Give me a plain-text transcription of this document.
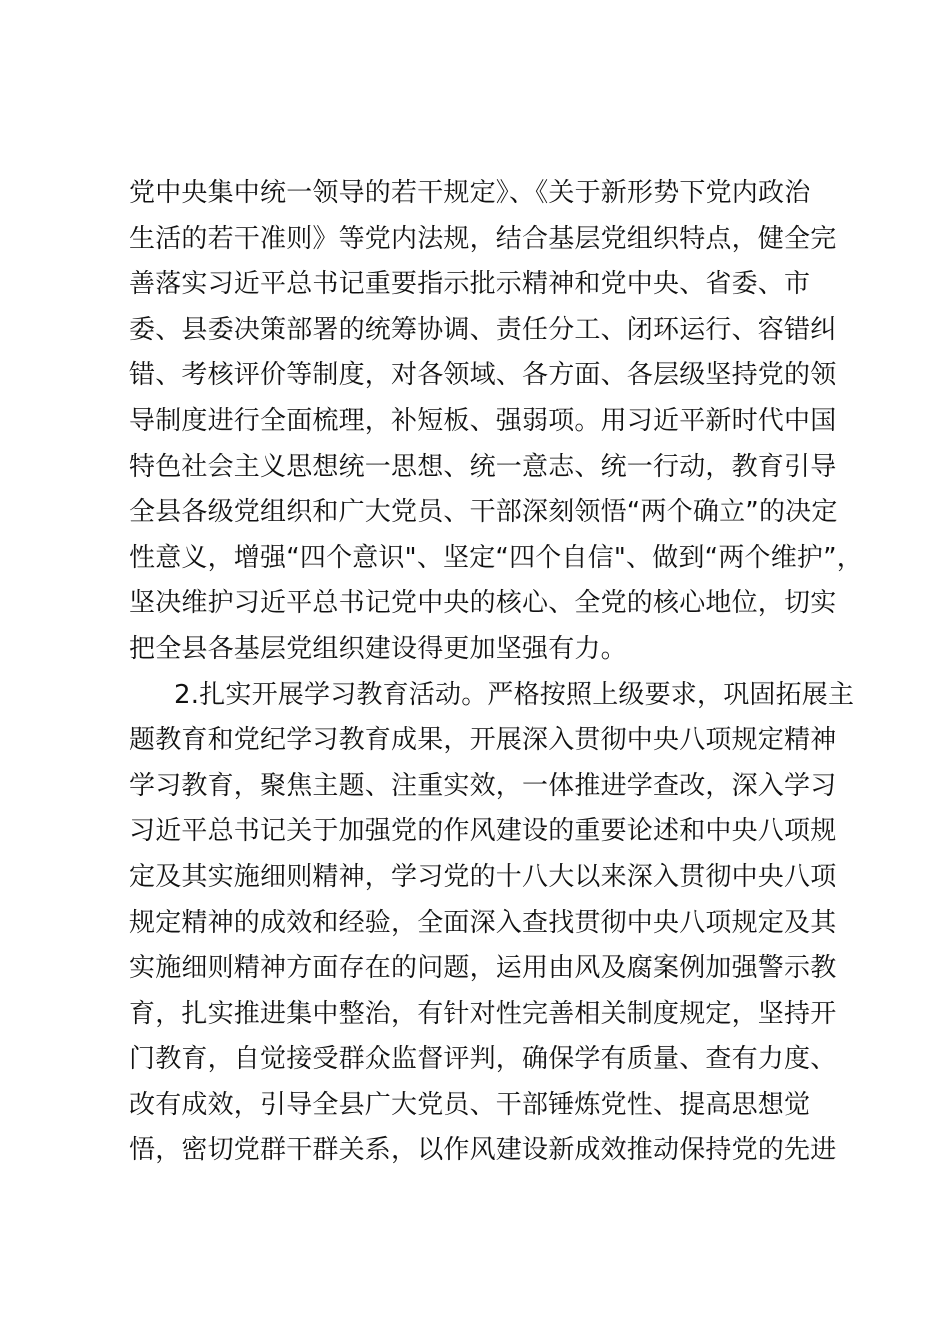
党中央集中统一领导的若干规定》、《关于新形势下党内政治
生活的若干准则》等党内法规，结合基层党组织特点，健全完
善落实习近平总书记重要指示批示精神和党中央、省委、市
委、县委决策部署的统筹协调、责任分工、闭环运行、容错纠
错、考核评价等制度，对各领域、各方面、各层级坚持党的领
导制度进行全面梳理，补短板、强弱项。用习近平新时代中国
特色社会主义思想统一思想、统一意志、统一行动，教育引导
全县各级党组织和广大党员、干部深刻领悟“两个确立”的决定
性意义，增强“四个意识"、坚定“四个自信"、做到“两个维护”，
坚决维护习近平总书记党中央的核心、全党的核心地位，切实
把全县各基层党组织建设得更加坚强有力。
2.扎实开展学习教育活动。严格按照上级要求，巩固拓展主
题教育和党纪学习教育成果，开展深入贯彻中央八项规定精神
学习教育，聚焦主题、注重实效，一体推进学查改，深入学习
习近平总书记关于加强党的作风建设的重要论述和中央八项规
定及其实施细则精神，学习党的十八大以来深入贯彻中央八项
规定精神的成效和经验，全面深入查找贯彻中央八项规定及其
实施细则精神方面存在的问题，运用由风及腐案例加强警示教
育，扎实推进集中整治，有针对性完善相关制度规定，坚持开
门教育，自觉接受群众监督评判，确保学有质量、查有力度、
改有成效，引导全县广大党员、干部锤炼党性、提高思想觉
悟，密切党群干群关系，以作风建设新成效推动保持党的先进
